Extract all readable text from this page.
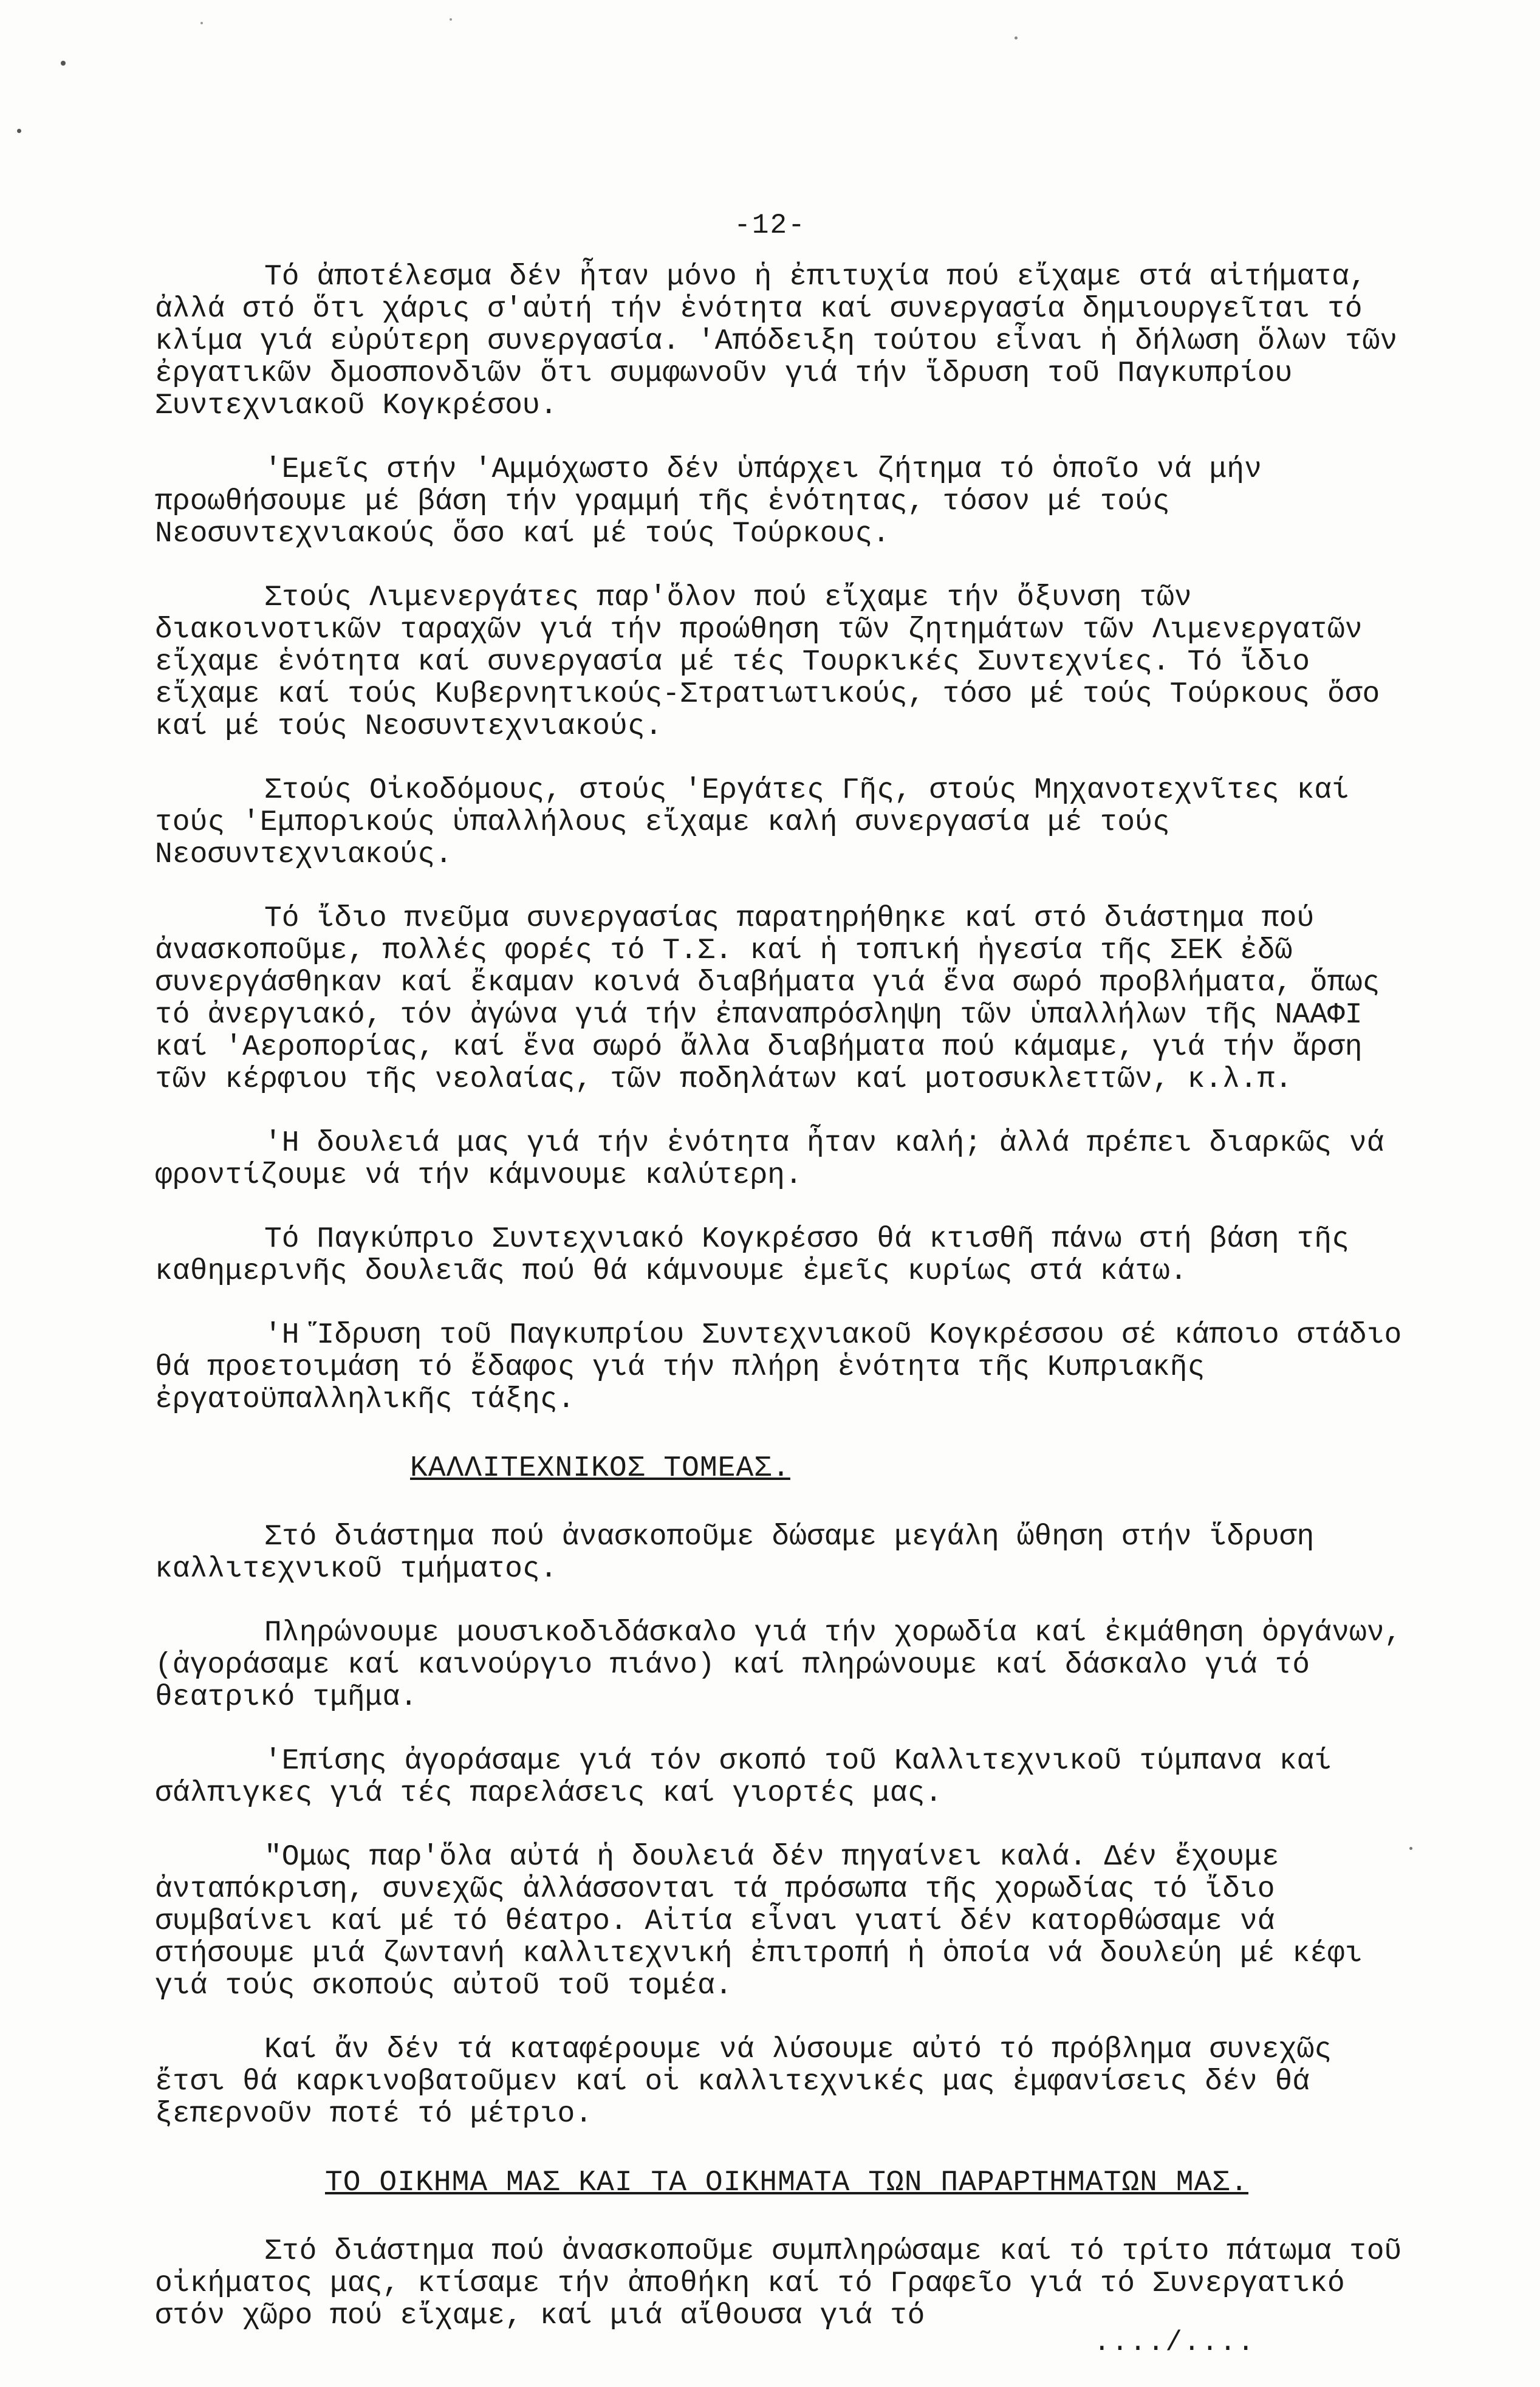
-12-

Τό ἀποτέλεσμα δέν ἦταν μόνο ἡ ἐπιτυχία πού εἴχαμε στά αἰτήματα, ἀλλά στό ὅτι χάρις σ'αὐτή τήν ἑνότητα καί συνεργασία δημιουργεῖται τό κλίμα γιά εὐρύτερη συνεργασία. 'Απόδειξη τούτου εἶναι ἡ δήλωση ὅλων τῶν ἐργατικῶν δμοσπονδιῶν ὅτι συμφωνοῦν γιά τήν ἵδρυση τοῦ Παγκυπρίου Συντεχνιακοῦ Κογκρέσου.

'Εμεῖς στήν 'Αμμόχωστο δέν ὑπάρχει ζήτημα τό ὁποῖο νά μήν προωθήσουμε μέ βάση τήν γραμμή τῆς ἑνότητας, τόσον μέ τούς Νεοσυντεχνιακούς ὅσο καί μέ τούς Τούρκους.

Στούς Λιμενεργάτες παρ'ὅλον πού εἴχαμε τήν ὄξυνση τῶν διακοινοτικῶν ταραχῶν γιά τήν προώθηση τῶν ζητημάτων τῶν Λιμενεργατῶν εἴχαμε ἑνότητα καί συνεργασία μέ τές Τουρκικές Συντεχνίες. Τό ἴδιο εἴχαμε καί τούς Κυβερνητικούς-Στρατιωτικούς, τόσο μέ τούς Τούρκους ὅσο καί μέ τούς Νεοσυντεχνιακούς.

Στούς Οἰκοδόμους, στούς 'Εργάτες Γῆς, στούς Μηχανοτεχνῖτες καί τούς 'Εμπορικούς ὑπαλλήλους εἴχαμε καλή συνεργασία μέ τούς Νεοσυντεχνιακούς.

Τό ἴδιο πνεῦμα συνεργασίας παρατηρήθηκε καί στό διάστημα πού ἀνασκοποῦμε, πολλές φορές τό Τ.Σ. καί ἡ τοπική ἡγεσία τῆς ΣΕΚ ἐδῶ συνεργάσθηκαν καί ἔκαμαν κοινά διαβήματα γιά ἕνα σωρό προβλήματα, ὅπως τό ἀνεργιακό, τόν ἀγώνα γιά τήν ἐπαναπρόσληψη τῶν ὑπαλλήλων τῆς ΝΑΑΦΙ καί 'Αεροπορίας, καί ἕνα σωρό ἄλλα διαβήματα πού κάμαμε, γιά τήν ἄρση τῶν κέρφιου τῆς νεολαίας, τῶν ποδηλάτων καί μοτοσυκλεττῶν, κ.λ.π.

'Η δουλειά μας γιά τήν ἑνότητα ἦταν καλή; ἀλλά πρέπει διαρκῶς νά φροντίζουμε νά τήν κάμνουμε καλύτερη.

Τό Παγκύπριο Συντεχνιακό Κογκρέσσο θά κτισθῆ πάνω στή βάση τῆς καθημερινῆς δουλειᾶς πού θά κάμνουμε ἐμεῖς κυρίως στά κάτω.

'Η Ἵδρυση τοῦ Παγκυπρίου Συντεχνιακοῦ Κογκρέσσου σέ κάποιο στάδιο θά προετοιμάση τό ἔδαφος γιά τήν πλήρη ἑνότητα τῆς Κυπριακῆς ἐργατοϋπαλληλικῆς τάξης.

ΚΑΛΛΙΤΕΧΝΙΚΟΣ ΤΟΜΕΑΣ.

Στό διάστημα πού ἀνασκοποῦμε δώσαμε μεγάλη ὤθηση στήν ἵδρυση καλλιτεχνικοῦ τμήματος.

Πληρώνουμε μουσικοδιδάσκαλο γιά τήν χορωδία καί ἐκμάθηση ὀργάνων, (ἀγοράσαμε καί καινούργιο πιάνο) καί πληρώνουμε καί δάσκαλο γιά τό θεατρικό τμῆμα.

'Επίσης ἀγοράσαμε γιά τόν σκοπό τοῦ Καλλιτεχνικοῦ τύμπανα καί σάλπιγκες γιά τές παρελάσεις καί γιορτές μας.

"Ομως παρ'ὅλα αὐτά ἡ δουλειά δέν πηγαίνει καλά. Δέν ἔχουμε ἀνταπόκριση, συνεχῶς ἀλλάσσονται τά πρόσωπα τῆς χορωδίας τό ἴδιο συμβαίνει καί μέ τό θέατρο. Αἰτία εἶναι γιατί δέν κατορθώσαμε νά στήσουμε μιά ζωντανή καλλιτεχνική ἐπιτροπή ἡ ὁποία νά δουλεύη μέ κέφι γιά τούς σκοπούς αὐτοῦ τοῦ τομέα.

Καί ἄν δέν τά καταφέρουμε νά λύσουμε αὐτό τό πρόβλημα συνεχῶς ἔτσι θά καρκινοβατοῦμεν καί οἱ καλλιτεχνικές μας ἐμφανίσεις δέν θά ξεπερνοῦν ποτέ τό μέτριο.

ΤΟ ΟΙΚΗΜΑ ΜΑΣ ΚΑΙ ΤΑ ΟΙΚΗΜΑΤΑ ΤΩΝ ΠΑΡΑΡΤΗΜΑΤΩΝ ΜΑΣ.

Στό διάστημα πού ἀνασκοποῦμε συμπληρώσαμε καί τό τρίτο πάτωμα τοῦ οἰκήματος μας, κτίσαμε τήν ἀποθήκη καί τό Γραφεῖο γιά τό Συνεργατικό στόν χῶρο πού εἴχαμε, καί μιά αἴθουσα γιά τό

..../....
